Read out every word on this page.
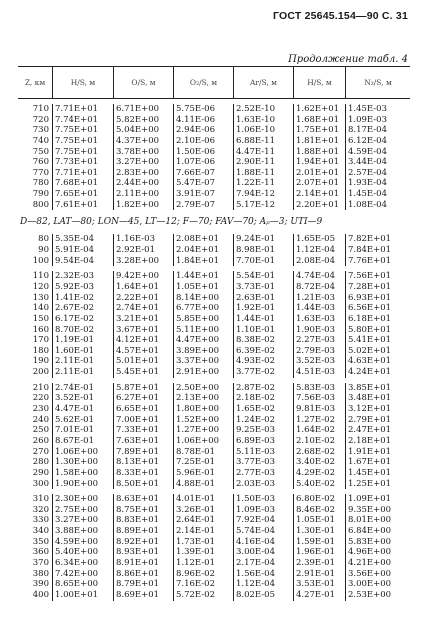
ГОСТ 25645.154—90 С. 31
Продолжение табл. 4
Z, км	H/S, м	O/S, м	O₂/S, м	Ar/S, м	H/S, м	N₂/S, м
710 7.71E+01	6.71E+00	5.75E-06	2.52E-10	1.62E+01	1.45E-03
720 7.74E+01	5.82E+00	4.11E-06	1.63E-10	1.68E+01	1.09E-03
730 7.75E+01	5.04E+00	2.94E-06	1.06E-10	1.75E+01	8.17E-04
740 7.75E+01	4.37E+00	2.10E-06	6.88E-11	1.81E+01	6.12E-04
750 7.75E+01	3.78E+00	1.50E-06	4.47E-11	1.88E+01	4.59E-04
760 7.73E+01	3.27E+00	1.07E-06	2.90E-11	1.94E+01	3.44E-04
770 7.71E+01	2.83E+00	7.66E-07	1.88E-11	2.01E+01	2.57E-04
780 7.68E+01	2.44E+00	5.47E-07	1.22E-11	2.07E+01	1.93E-04
790 7.65E+01	2.11E+00	3.91E-07	7.94E-12	2.14E+01	1.45E-04
800 7.61E+01	1.82E+00	2.79E-07	5.17E-12	2.20E+01	1.08E-04
D—82, LAT—80; LON—45, LT—12; F—70; FAV—70; Aₚ—3; UTI—9
80 5.35E-04	1.16E-03	2.08E+01	9.24E-01	1.65E-05	7.82E+01
90 5.91E-04	2.92E-01	2.04E+01	8.98E-01	1.12E-04	7.84E+01
100 9.54E-04	3.28E+00	1.84E+01	7.70E-01	2.08E-04	7.76E+01
110 2.32E-03	9.42E+00	1.44E+01	5.54E-01	4.74E-04	7.56E+01
120 5.92E-03	1.64E+01	1.05E+01	3.73E-01	8.72E-04	7.28E+01
130 1.41E-02	2.22E+01	8.14E+00	2.63E-01	1.21E-03	6.93E+01
140 2.67E-02	2.74E+01	6.77E+00	1.92E-01	1.44E-03	6.56E+01
150 6.17E-02	3.21E+01	5.85E+00	1.44E-01	1.63E-03	6.18E+01
160 8.70E-02	3.67E+01	5.11E+00	1.10E-01	1.90E-03	5.80E+01
170 1.19E-01	4.12E+01	4.47E+00	8.38E-02	2.27E-03	5.41E+01
180 1.60E-01	4.57E+01	3.89E+00	6.39E-02	2.79E-03	5.02E+01
190 2.11E-01	5.01E+01	3.37E+00	4.93E-02	3.52E-03	4.63E+01
200 2.11E-01	5.45E+01	2.91E+00	3.77E-02	4.51E-03	4.24E+01
210 2.74E-01	5.87E+01	2.50E+00	2.87E-02	5.83E-03	3.85E+01
220 3.52E-01	6.27E+01	2.13E+00	2.18E-02	7.56E-03	3.48E+01
230 4.47E-01	6.65E+01	1.80E+00	1.65E-02	9.81E-03	3.12E+01
240 5.62E-01	7.00E+01	1.52E+00	1.24E-02	1.27E-02	2.79E+01
250 7.01E-01	7.33E+01	1.27E+00	9.25E-03	1.64E-02	2.47E+01
260 8.67E-01	7.63E+01	1.06E+00	6.89E-03	2.10E-02	2.18E+01
270 1.06E+00	7.89E+01	8.78E-01	5.11E-03	2.68E-02	1.91E+01
280 1.30E+00	8.13E+01	7.25E-01	3.77E-03	3.40E-02	1.67E+01
290 1.58E+00	8.33E+01	5.96E-01	2.77E-03	4.29E-02	1.45E+01
300 1.90E+00	8.50E+01	4.88E-01	2.03E-03	5.40E-02	1.25E+01
310 2.30E+00	8.63E+01	4.01E-01	1.50E-03	6.80E-02	1.09E+01
320 2.75E+00	8.75E+01	3.26E-01	1.09E-03	8.46E-02	9.35E+00
330 3.27E+00	8.83E+01	2.64E-01	7.92E-04	1.05E-01	8.01E+00
340 3.88E+00	8.89E+01	2.14E-01	5.74E-04	1.30E-01	6.84E+00
350 4.59E+00	8.92E+01	1.73E-01	4.16E-04	1.59E-01	5.83E+00
360 5.40E+00	8.93E+01	1.39E-01	3.00E-04	1.96E-01	4.96E+00
370 6.34E+00	8.91E+01	1.12E-01	2.17E-04	2.39E-01	4.21E+00
380 7.42E+00	8.86E+01	8.96E-02	1.56E-04	2.91E-01	3.56E+00
390 8.65E+00	8.79E+01	7.16E-02	1.12E-04	3.53E-01	3.00E+00
400 1.00E+01	8.69E+01	5.72E-02	8.02E-05	4.27E-01	2.53E+00
